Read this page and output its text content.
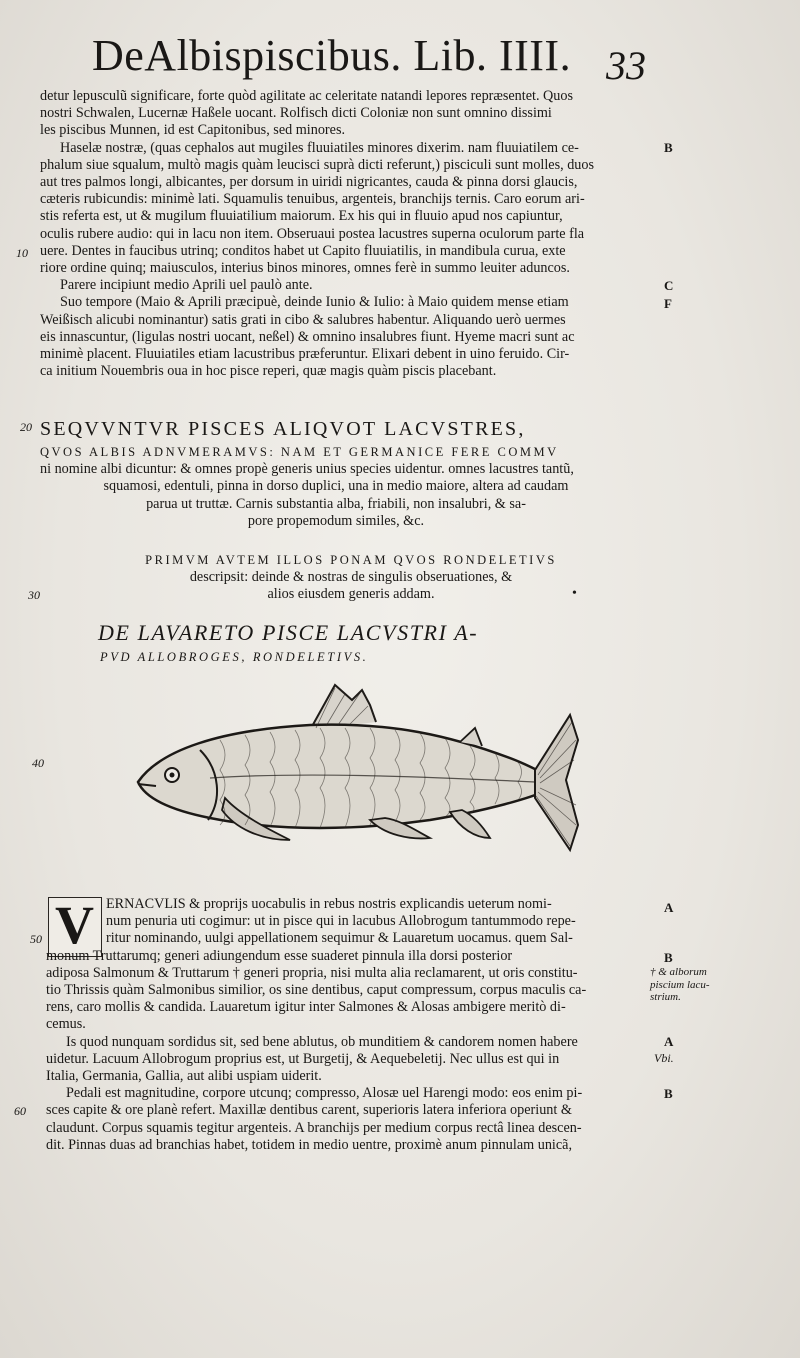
DeAlbispiscibus. Lib. IIII. 33

detur lepusculũ significare, forte quòd agilitate ac celeritate natandi lepores repræsentet. Quos

nostri Schwalen, Lucernæ Haßele uocant. Rolfisch dicti Coloniæ non sunt omnino dissimi

les piscibus Munnen, id est Capitonibus, sed minores.

Haselæ nostræ, (quas cephalos aut mugiles fluuiatiles minores dixerim. nam fluuiatilem ce-

phalum siue squalum, multò magis quàm leucisci suprà dicti referunt,) pisciculi sunt molles, duos

aut tres palmos longi, albicantes, per dorsum in uiridi nigricantes, cauda & pinna dorsi glaucis,

cæteris rubicundis: minimè lati. Squamulis tenuibus, argenteis, branchijs ternis. Caro eorum ari-

stis referta est, ut & mugilum fluuiatilium maiorum. Ex his qui in fluuio apud nos capiuntur,

oculis rubere audio: qui in lacu non item. Obseruaui postea lacustres superna oculorum parte fla

uere. Dentes in faucibus utrinq; conditos habet ut Capito fluuiatilis, in mandibula curua, exte

riore ordine quinq; maiusculos, interius binos minores, omnes ferè in summo leuiter aduncos.

Parere incipiunt medio Aprili uel paulò ante.

Suo tempore (Maio & Aprili præcipuè, deinde Iunio & Iulio: à Maio quidem mense etiam

Weißisch alicubi nominantur) satis grati in cibo & salubres habentur. Aliquando uerò uermes

eis innascuntur, (ligulas nostri uocant, neßel) & omnino insalubres fiunt. Hyeme macri sunt ac

minimè placent. Fluuiatiles etiam lacustribus præferuntur. Elixari debent in uino feruido. Cir-

ca initium Nouembris oua in hoc pisce reperi, quæ magis quàm piscis placebant.

B
C
F
10
20 SEQVVNTVR PISCES ALIQVOT LACVSTRES,

QVOS ALBIS ADNVMERAMVS: NAM ET GERMANICE FERE COMMV

ni nomine albi dicuntur: & omnes propè generis unius species uidentur. omnes lacustres tantũ,

squamosi, edentuli, pinna in dorso duplici, una in medio maiore, altera ad caudam

parua ut truttæ. Carnis substantia alba, friabili, non insalubri, & sa-

pore propemodum similes, &c.

PRIMVM AVTEM ILLOS PONAM QVOS RONDELETIVS

descripsit: deinde & nostras de singulis obseruationes, &

alios eiusdem generis addam.

30	•
DE LAVARETO PISCE LACVSTRI A-
PVD ALLOBROGES, RONDELETIVS.
40
V
50
60

ERNACVLIS & proprijs uocabulis in rebus nostris explicandis ueterum nomi-

num penuria uti cogimur: ut in pisce qui in lacubus Allobrogum tantummodo repe-

ritur nominando, uulgi appellationem sequimur & Lauaretum uocamus. quem Sal-

monum Truttarumq; generi adiungendum esse suaderet pinnula illa dorsi posterior

adiposa Salmonum & Truttarum † generi propria, nisi multa alia reclamarent, ut oris constitu-

tio Thrissis quàm Salmonibus similior, os sine dentibus, caput compressum, corpus maculis ca-

rens, caro mollis & candida. Lauaretum igitur inter Salmones & Alosas ambigere meritò di-

cemus.

Is quod nunquam sordidus sit, sed bene ablutus, ob munditiem & candorem nomen habere

uidetur. Lacuum Allobrogum proprius est, ut Burgetij, & Aequebeletij. Nec ullus est qui in

Italia, Germania, Gallia, aut alibi uspiam uiderit.

Pedali est magnitudine, corpore utcunq; compresso, Alosæ uel Harengi modo: eos enim pi-

sces capite & ore planè refert. Maxillæ dentibus carent, superioris latera inferiora operiunt &

claudunt. Corpus squamis tegitur argenteis. A branchijs per medium corpus rectâ linea descen-

dit. Pinnas duas ad branchias habet, totidem in medio uentre, proximè anum pinnulam unicã,

A
B
† & alborum
piscium lacu-
strium.
A
Vbi.
B
